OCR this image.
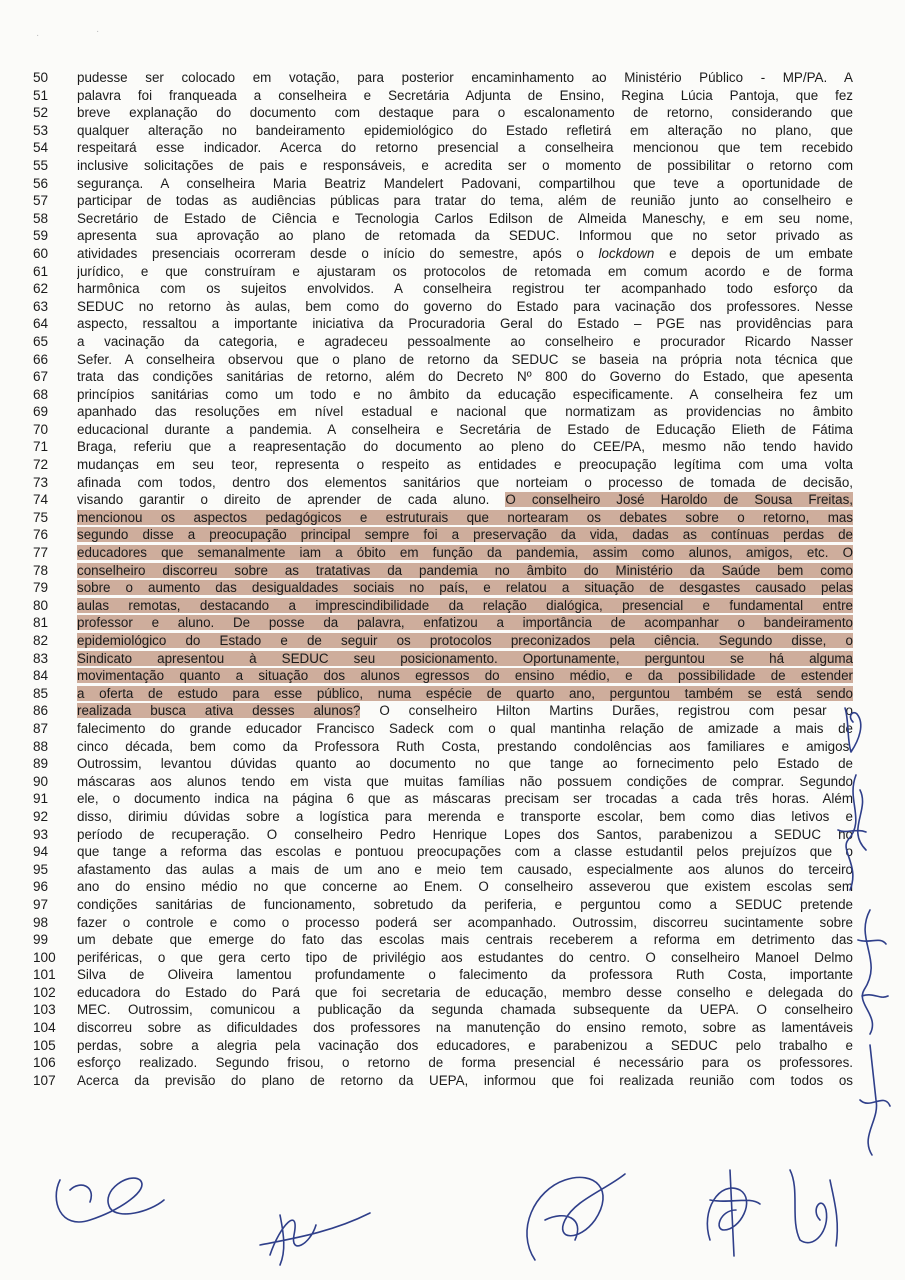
·	·
50	pudesse ser colocado em votação, para posterior encaminhamento ao Ministério Público - MP/PA. A
51	palavra foi franqueada a conselheira e Secretária Adjunta de Ensino, Regina Lúcia Pantoja, que fez
52	breve explanação do documento com destaque para o escalonamento de retorno, considerando que
53	qualquer alteração no bandeiramento epidemiológico do Estado refletirá em alteração no plano, que
54	respeitará esse indicador. Acerca do retorno presencial a conselheira mencionou que tem recebido
55	inclusive solicitações de pais e responsáveis, e acredita ser o momento de possibilitar o retorno com
56	segurança. A conselheira Maria Beatriz Mandelert Padovani, compartilhou que teve a oportunidade de
57	participar de todas as audiências públicas para tratar do tema, além de reunião junto ao conselheiro e
58	Secretário de Estado de Ciência e Tecnologia Carlos Edilson de Almeida Maneschy, e em seu nome,
59	apresenta sua aprovação ao plano de retomada da SEDUC. Informou que no setor privado as
60	atividades presenciais ocorreram desde o início do semestre, após o lockdown e depois de um embate
61	jurídico, e que construíram e ajustaram os protocolos de retomada em comum acordo e de forma
62	harmônica com os sujeitos envolvidos. A conselheira registrou ter acompanhado todo esforço da
63	SEDUC no retorno às aulas, bem como do governo do Estado para vacinação dos professores. Nesse
64	aspecto, ressaltou a importante iniciativa da Procuradoria Geral do Estado – PGE nas providências para
65	a vacinação da categoria, e agradeceu pessoalmente ao conselheiro e procurador Ricardo Nasser
66	Sefer. A conselheira observou que o plano de retorno da SEDUC se baseia na própria nota técnica que
67	trata das condições sanitárias de retorno, além do Decreto Nº 800 do Governo do Estado, que apesenta
68	princípios sanitárias como um todo e no âmbito da educação especificamente. A conselheira fez um
69	apanhado das resoluções em nível estadual e nacional que normatizam as providencias no âmbito
70	educacional durante a pandemia. A conselheira e Secretária de Estado de Educação Elieth de Fátima
71	Braga, referiu que a reapresentação do documento ao pleno do CEE/PA, mesmo não tendo havido
72	mudanças em seu teor, representa o respeito as entidades e preocupação legítima com uma volta
73	afinada com todos, dentro dos elementos sanitários que norteiam o processo de tomada de decisão,
74	visando garantir o direito de aprender de cada aluno. O conselheiro José Haroldo de Sousa Freitas,
75	mencionou os aspectos pedagógicos e estruturais que nortearam os debates sobre o retorno, mas
76	segundo disse a preocupação principal sempre foi a preservação da vida, dadas as contínuas perdas de
77	educadores que semanalmente iam a óbito em função da pandemia, assim como alunos, amigos, etc. O
78	conselheiro discorreu sobre as tratativas da pandemia no âmbito do Ministério da Saúde bem como
79	sobre o aumento das desigualdades sociais no país, e relatou a situação de desgastes causado pelas
80	aulas remotas, destacando a imprescindibilidade da relação dialógica, presencial e fundamental entre
81	professor e aluno. De posse da palavra, enfatizou a importância de acompanhar o bandeiramento
82	epidemiológico do Estado e de seguir os protocolos preconizados pela ciência. Segundo disse, o
83	Sindicato apresentou à SEDUC seu posicionamento. Oportunamente, perguntou se há alguma
84	movimentação quanto a situação dos alunos egressos do ensino médio, e da possibilidade de estender
85	a oferta de estudo para esse público, numa espécie de quarto ano, perguntou também se está sendo
86	realizada busca ativa desses alunos? O conselheiro Hilton Martins Durães, registrou com pesar o
87	falecimento do grande educador Francisco Sadeck com o qual mantinha relação de amizade a mais de
88	cinco década, bem como da Professora Ruth Costa, prestando condolências aos familiares e amigos.
89	Outrossim, levantou dúvidas quanto ao documento no que tange ao fornecimento pelo Estado de
90	máscaras aos alunos tendo em vista que muitas famílias não possuem condições de comprar. Segundo
91	ele, o documento indica na página 6 que as máscaras precisam ser trocadas a cada três horas. Além
92	disso, dirimiu dúvidas sobre a logística para merenda e transporte escolar, bem como dias letivos e
93	período de recuperação. O conselheiro Pedro Henrique Lopes dos Santos, parabenizou a SEDUC no
94	que tange a reforma das escolas e pontuou preocupações com a classe estudantil pelos prejuízos que o
95	afastamento das aulas a mais de um ano e meio tem causado, especialmente aos alunos do terceiro
96	ano do ensino médio no que concerne ao Enem. O conselheiro asseverou que existem escolas sem
97	condições sanitárias de funcionamento, sobretudo da periferia, e perguntou como a SEDUC pretende
98	fazer o controle e como o processo poderá ser acompanhado. Outrossim, discorreu sucintamente sobre
99	um debate que emerge do fato das escolas mais centrais receberem a reforma em detrimento das
100	periféricas, o que gera certo tipo de privilégio aos estudantes do centro. O conselheiro Manoel Delmo
101	Silva de Oliveira lamentou profundamente o falecimento da professora Ruth Costa, importante
102	educadora do Estado do Pará que foi secretaria de educação, membro desse conselho e delegada do
103	MEC. Outrossim, comunicou a publicação da segunda chamada subsequente da UEPA. O conselheiro
104	discorreu sobre as dificuldades dos professores na manutenção do ensino remoto, sobre as lamentáveis
105	perdas, sobre a alegria pela vacinação dos educadores, e parabenizou a SEDUC pelo trabalho e
106	esforço realizado. Segundo frisou, o retorno de forma presencial é necessário para os professores.
107	Acerca da previsão do plano de retorno da UEPA, informou que foi realizada reunião com todos os
